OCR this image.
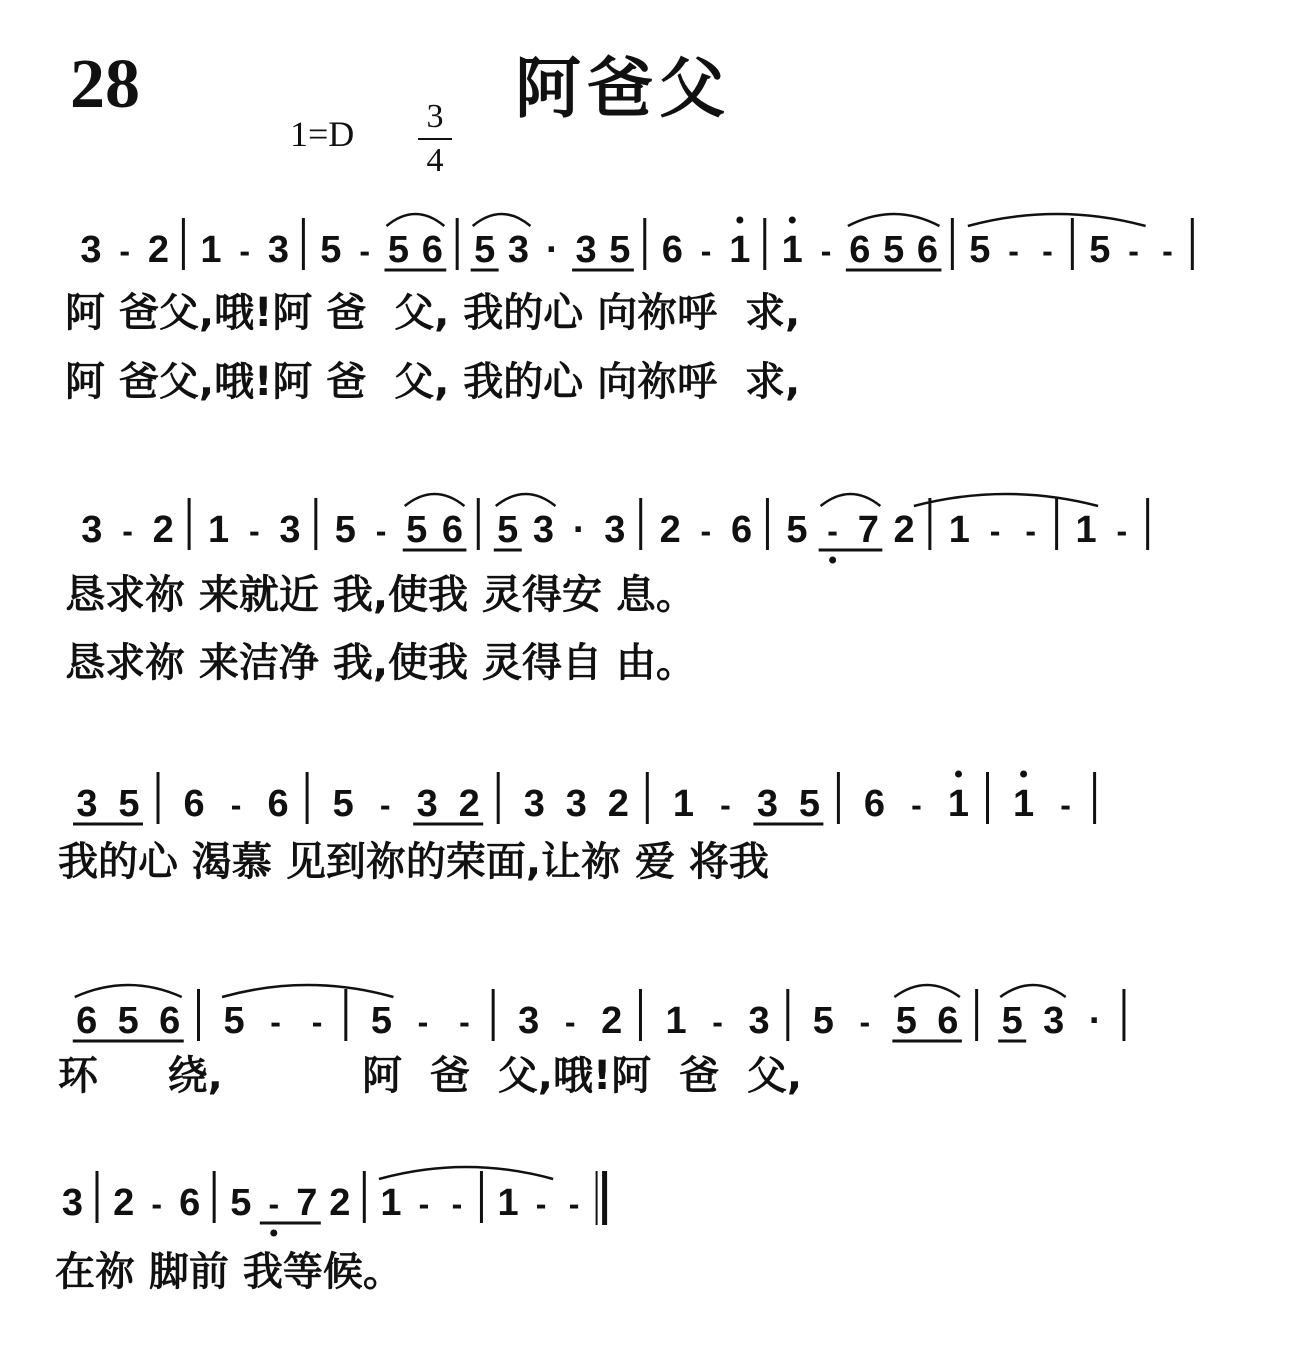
28	阿爸父
1=D 3
4
3 - 2 1 - 3 5 - 5 6 5 3 · 3 5 6 - 1 1 - 6 5 6 5 - - 5 - -
3 - 2 1 - 3 5 - 5 6 5 3 · 3 2 - 6 5 - 7 2 1 - - 1 -
3 5 6 - 6 5 - 3 2 3 3 2 1 - 3 5 6 - 1 1 -
6 5 6 5 - - 5 - - 3 - 2 1 - 3 5 - 5 6 5 3 ·
3 2 - 6 5 - 7 2 1 - - 1 - -
阿 爸父,哦!阿 爸  父, 我的心 向祢呼  求,
阿 爸父,哦!阿 爸  父, 我的心 向祢呼  求,
恳求祢 来就近 我,使我 灵得安 息。
恳求祢 来洁净 我,使我 灵得自 由。
我的心 渴慕 见到祢的荣面,让祢 爱 将我
环     绕,          阿  爸  父,哦!阿  爸  父,
在祢 脚前 我等候。
